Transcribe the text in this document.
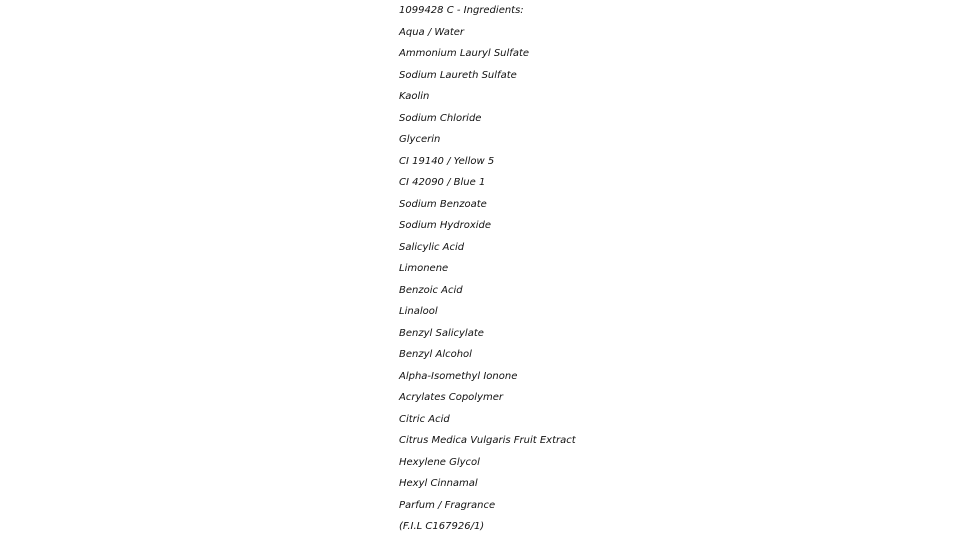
1099428 C - Ingredients:
Aqua / Water
Ammonium Lauryl Sulfate
Sodium Laureth Sulfate
Kaolin
Sodium Chloride
Glycerin
CI 19140 / Yellow 5
CI 42090 / Blue 1
Sodium Benzoate
Sodium Hydroxide
Salicylic Acid
Limonene
Benzoic Acid
Linalool
Benzyl Salicylate
Benzyl Alcohol
Alpha-Isomethyl Ionone
Acrylates Copolymer
Citric Acid
Citrus Medica Vulgaris Fruit Extract
Hexylene Glycol
Hexyl Cinnamal
Parfum / Fragrance
(F.I.L C167926/1)
